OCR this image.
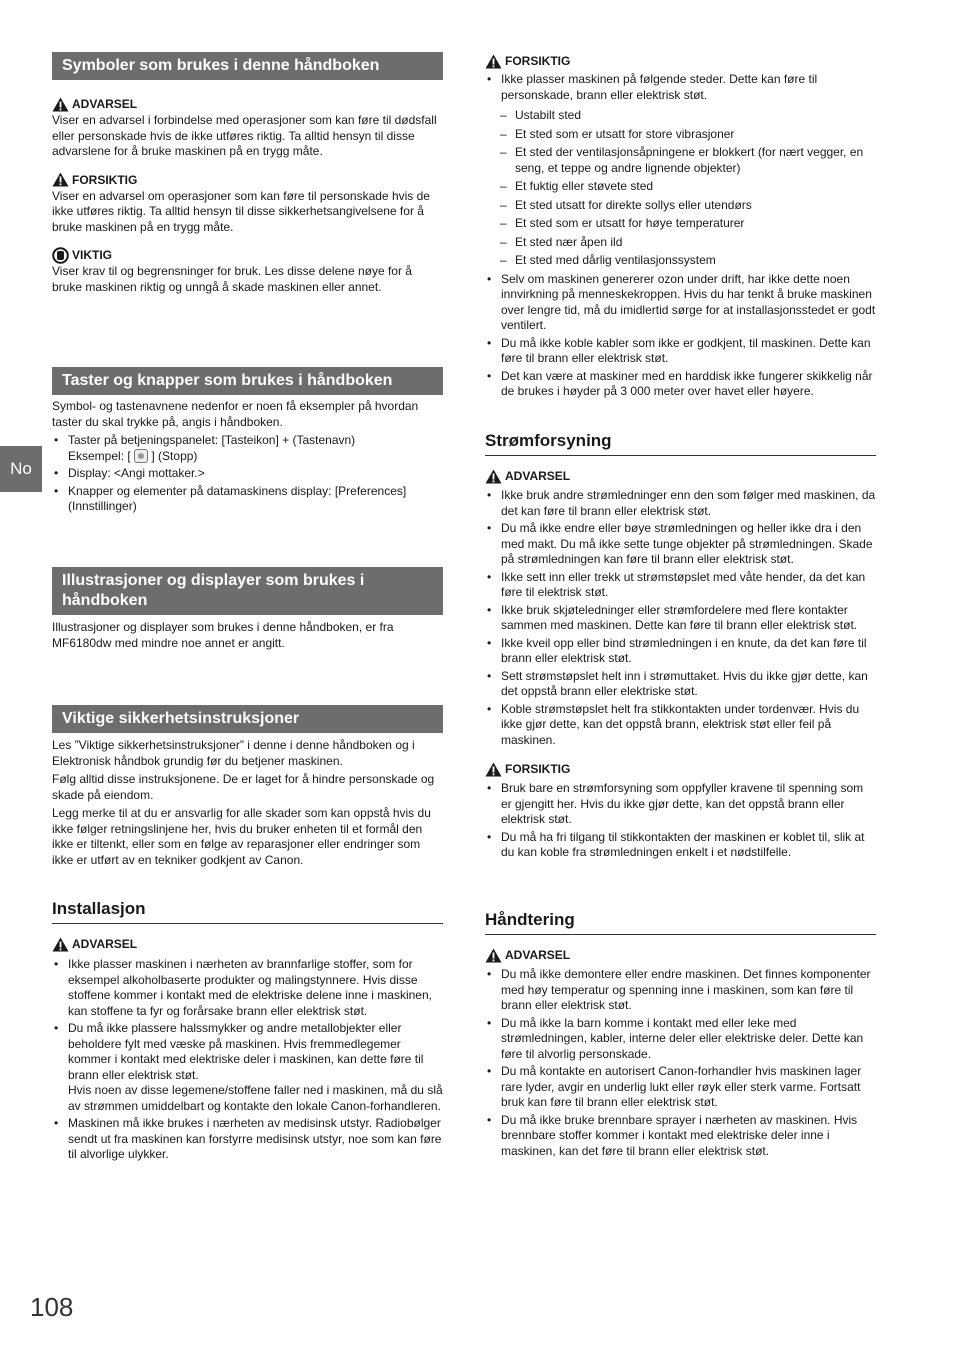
No
Symboler som brukes i denne håndboken
ADVARSEL

Viser en advarsel i forbindelse med operasjoner som kan føre til dødsfall eller personskade hvis de ikke utføres riktig. Ta alltid hensyn til disse advarslene for å bruke maskinen på en trygg måte.

FORSIKTIG

Viser en advarsel om operasjoner som kan føre til personskade hvis de ikke utføres riktig. Ta alltid hensyn til disse sikkerhetsangivelsene for å bruke maskinen på en trygg måte.

VIKTIG

Viser krav til og begrensninger for bruk. Les disse delene nøye for å bruke maskinen riktig og unngå å skade maskinen eller annet.

Taster og knapper som brukes i håndboken

Symbol- og tastenavnene nedenfor er noen få eksempler på hvordan taster du skal trykke på, angis i håndboken.

• Taster på betjeningspanelet: [Tasteikon] + (Tastenavn)
Eksempel: [ ] (Stopp)
• Display: <Angi mottaker.>
• Knapper og elementer på datamaskinens display: [Preferences] (Innstillinger)
Illustrasjoner og displayer som brukes i håndboken

Illustrasjoner og displayer som brukes i denne håndboken, er fra MF6180dw med mindre noe annet er angitt.

Viktige sikkerhetsinstruksjoner

Les ”Viktige sikkerhetsinstruksjoner” i denne i denne håndboken og i Elektronisk håndbok grundig før du betjener maskinen.

Følg alltid disse instruksjonene. De er laget for å hindre personskade og skade på eiendom.

Legg merke til at du er ansvarlig for alle skader som kan oppstå hvis du ikke følger retningslinjene her, hvis du bruker enheten til et formål den ikke er tiltenkt, eller som en følge av reparasjoner eller endringer som ikke er utført av en tekniker godkjent av Canon.

Installasjon
ADVARSEL
• Ikke plasser maskinen i nærheten av brannfarlige stoffer, som for eksempel alkoholbaserte produkter og malingstynnere. Hvis disse stoffene kommer i kontakt med de elektriske delene inne i maskinen, kan stoffene ta fyr og forårsake brann eller elektrisk støt.
• Du må ikke plassere halssmykker og andre metallobjekter eller beholdere fylt med væske på maskinen. Hvis fremmedlegemer kommer i kontakt med elektriske deler i maskinen, kan dette føre til brann eller elektrisk støt.
Hvis noen av disse legemene/stoffene faller ned i maskinen, må du slå av strømmen umiddelbart og kontakte den lokale Canon-forhandleren.
• Maskinen må ikke brukes i nærheten av medisinsk utstyr. Radiobølger sendt ut fra maskinen kan forstyrre medisinsk utstyr, noe som kan føre til alvorlige ulykker.
FORSIKTIG
• Ikke plasser maskinen på følgende steder. Dette kan føre til personskade, brann eller elektrisk støt.
– Ustabilt sted
– Et sted som er utsatt for store vibrasjoner
– Et sted der ventilasjonsåpningene er blokkert (for nært vegger, en seng, et teppe og andre lignende objekter)
– Et fuktig eller støvete sted
– Et sted utsatt for direkte sollys eller utendørs
– Et sted som er utsatt for høye temperaturer
– Et sted nær åpen ild
– Et sted med dårlig ventilasjonssystem
• Selv om maskinen genererer ozon under drift, har ikke dette noen innvirkning på menneskekroppen. Hvis du har tenkt å bruke maskinen over lengre tid, må du imidlertid sørge for at installasjonsstedet er godt ventilert.
• Du må ikke koble kabler som ikke er godkjent, til maskinen. Dette kan føre til brann eller elektrisk støt.
• Det kan være at maskiner med en harddisk ikke fungerer skikkelig når de brukes i høyder på 3 000 meter over havet eller høyere.
Strømforsyning
ADVARSEL
• Ikke bruk andre strømledninger enn den som følger med maskinen, da det kan føre til brann eller elektrisk støt.
• Du må ikke endre eller bøye strømledningen og heller ikke dra i den med makt. Du må ikke sette tunge objekter på strømledningen. Skade på strømledningen kan føre til brann eller elektrisk støt.
• Ikke sett inn eller trekk ut strømstøpslet med våte hender, da det kan føre til elektrisk støt.
• Ikke bruk skjøteledninger eller strømfordelere med flere kontakter sammen med maskinen. Dette kan føre til brann eller elektrisk støt.
• Ikke kveil opp eller bind strømledningen i en knute, da det kan føre til brann eller elektrisk støt.
• Sett strømstøpslet helt inn i strømuttaket. Hvis du ikke gjør dette, kan det oppstå brann eller elektriske støt.
• Koble strømstøpslet helt fra stikkontakten under tordenvær. Hvis du ikke gjør dette, kan det oppstå brann, elektrisk støt eller feil på maskinen.
FORSIKTIG
• Bruk bare en strømforsyning som oppfyller kravene til spenning som er gjengitt her. Hvis du ikke gjør dette, kan det oppstå brann eller elektrisk støt.
• Du må ha fri tilgang til stikkontakten der maskinen er koblet til, slik at du kan koble fra strømledningen enkelt i et nødstilfelle.
Håndtering
ADVARSEL
• Du må ikke demontere eller endre maskinen. Det finnes komponenter med høy temperatur og spenning inne i maskinen, som kan føre til brann eller elektrisk støt.
• Du må ikke la barn komme i kontakt med eller leke med strømledningen, kabler, interne deler eller elektriske deler. Dette kan føre til alvorlig personskade.
• Du må kontakte en autorisert Canon-forhandler hvis maskinen lager rare lyder, avgir en underlig lukt eller røyk eller sterk varme. Fortsatt bruk kan føre til brann eller elektrisk støt.
• Du må ikke bruke brennbare sprayer i nærheten av maskinen. Hvis brennbare stoffer kommer i kontakt med elektriske deler inne i maskinen, kan det føre til brann eller elektrisk støt.
108
